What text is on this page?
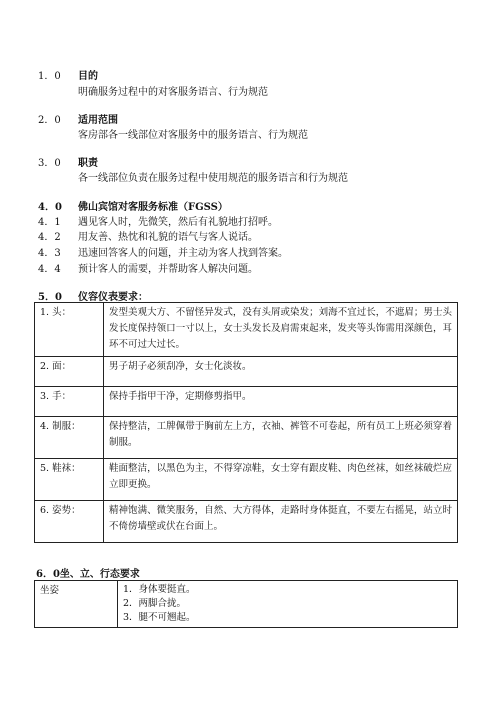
1．0 目的
明确服务过程中的对客服务语言、行为规范
2．0 适用范围
客房部各一线部位对客服务中的服务语言、行为规范
3．0 职责
各一线部位负责在服务过程中使用规范的服务语言和行为规范
4．0 佛山宾馆对客服务标准（FGSS）
4．1 遇见客人时，先微笑，然后有礼貌地打招呼。
4．2 用友善、热忱和礼貌的语气与客人说话。
4．3 迅速回答客人的问题，并主动为客人找到答案。
4．4 预计客人的需要，并帮助客人解决问题。
5．0 仪容仪表要求：
1. 头：	发型美观大方、不留怪异发式，没有头屑或染发；刘海不宜过长，不遮眉；男士头发长度保持领口一寸以上，女士头发长及肩需束起来，发夹等头饰需用深颜色，耳环不可过大过长。
2. 面：	男子胡子必须刮净，女士化淡妆。
3. 手：	保持手指甲干净，定期修剪指甲。
4. 制服：	保持整洁，工牌佩带于胸前左上方，衣袖、裤管不可卷起，所有员工上班必须穿着制服。
5. 鞋袜：	鞋面整洁，以黑色为主，不得穿凉鞋，女士穿有跟皮鞋、肉色丝袜，如丝袜破烂应立即更换。
6. 姿势：	精神饱满、微笑服务，自然、大方得体，走路时身体挺直，不要左右摇晃，站立时不倚傍墙壁或伏在台面上。
6．0坐、立、行态要求
坐姿	1．身体要挺直。
2．两脚合拢。
3．腿不可翘起。
